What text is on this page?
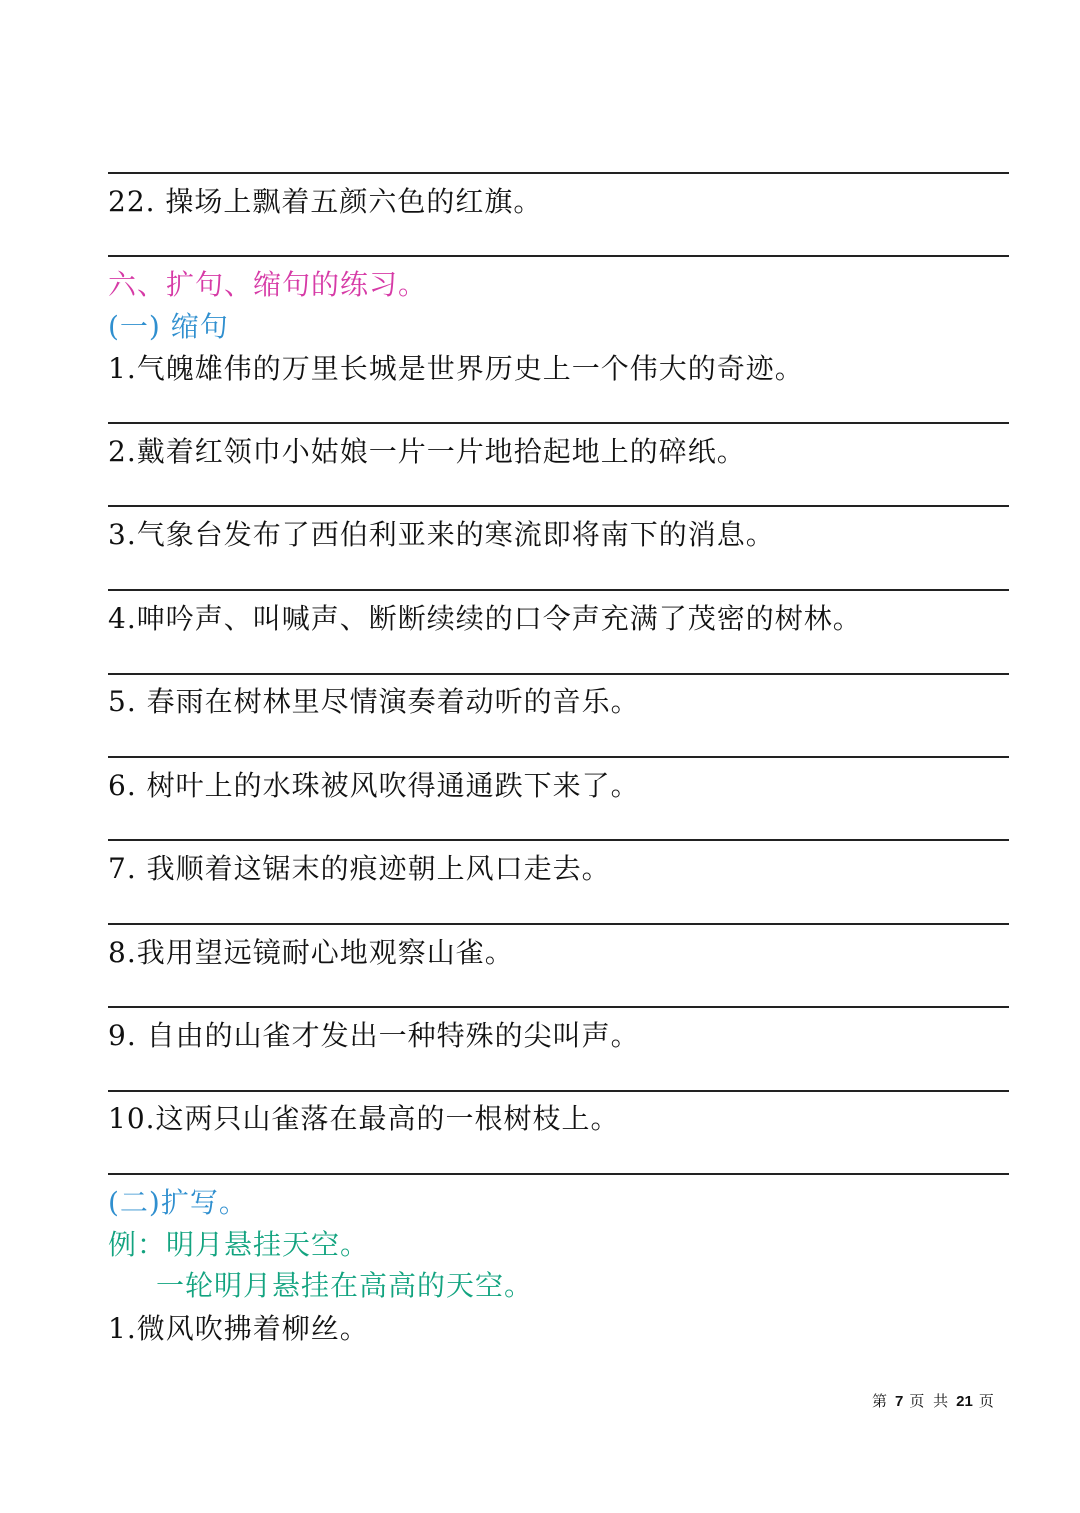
22. 操场上飘着五颜六色的红旗。
六、扩句、缩句的练习。
(一) 缩句
1.气魄雄伟的万里长城是世界历史上一个伟大的奇迹。
2.戴着红领巾小姑娘一片一片地拾起地上的碎纸。
3.气象台发布了西伯利亚来的寒流即将南下的消息。
4.呻吟声、叫喊声、断断续续的口令声充满了茂密的树林。
5. 春雨在树林里尽情演奏着动听的音乐。
6. 树叶上的水珠被风吹得通通跌下来了。
7. 我顺着这锯末的痕迹朝上风口走去。
8.我用望远镜耐心地观察山雀。
9. 自由的山雀才发出一种特殊的尖叫声。
10.这两只山雀落在最高的一根树枝上。
(二)扩写。
例：明月悬挂天空。
一轮明月悬挂在高高的天空。
1.微风吹拂着柳丝。
第 7 页 共 21 页
